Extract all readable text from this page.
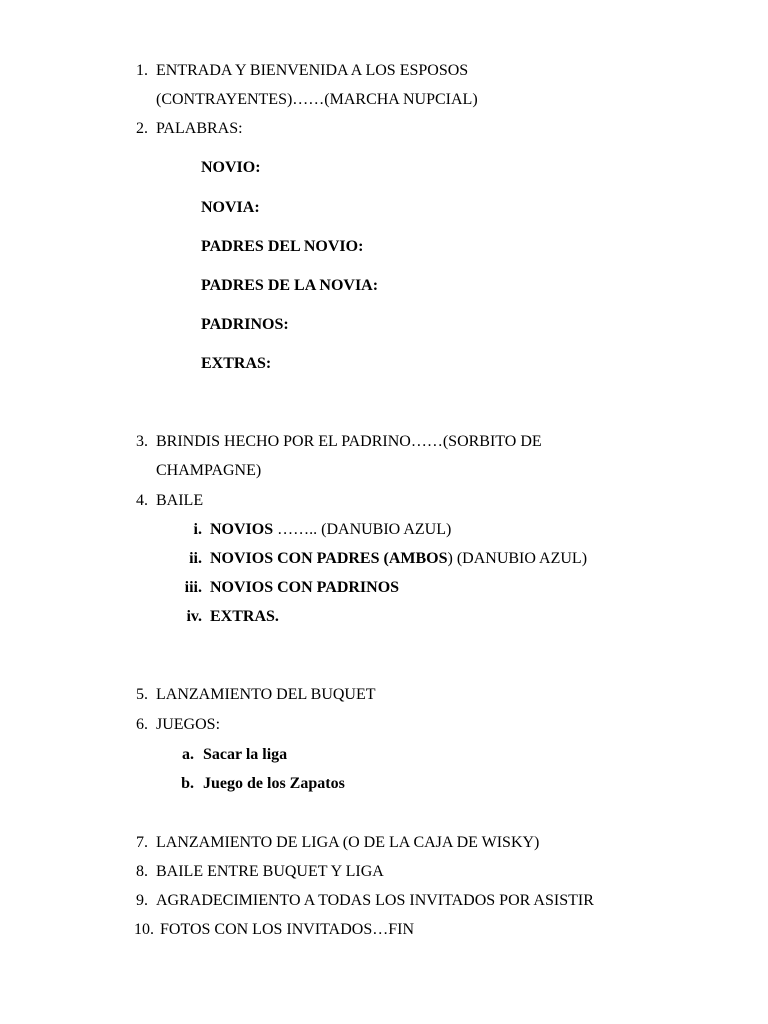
1. ENTRADA Y BIENVENIDA A LOS ESPOSOS
(CONTRAYENTES)……(MARCHA NUPCIAL)
2. PALABRAS:
NOVIO:
NOVIA:
PADRES DEL NOVIO:
PADRES DE LA NOVIA:
PADRINOS:
EXTRAS:
3. BRINDIS HECHO POR EL PADRINO……(SORBITO DE
CHAMPAGNE)
4. BAILE
i. NOVIOS …….. (DANUBIO AZUL)
ii. NOVIOS CON PADRES (AMBOS) (DANUBIO AZUL)
iii. NOVIOS CON PADRINOS
iv. EXTRAS.
5. LANZAMIENTO DEL BUQUET
6. JUEGOS:
a. Sacar la liga
b. Juego de los Zapatos
7. LANZAMIENTO DE LIGA (O DE LA CAJA DE WISKY)
8. BAILE ENTRE BUQUET Y LIGA
9. AGRADECIMIENTO A TODAS LOS INVITADOS POR ASISTIR
10. FOTOS CON LOS INVITADOS…FIN
